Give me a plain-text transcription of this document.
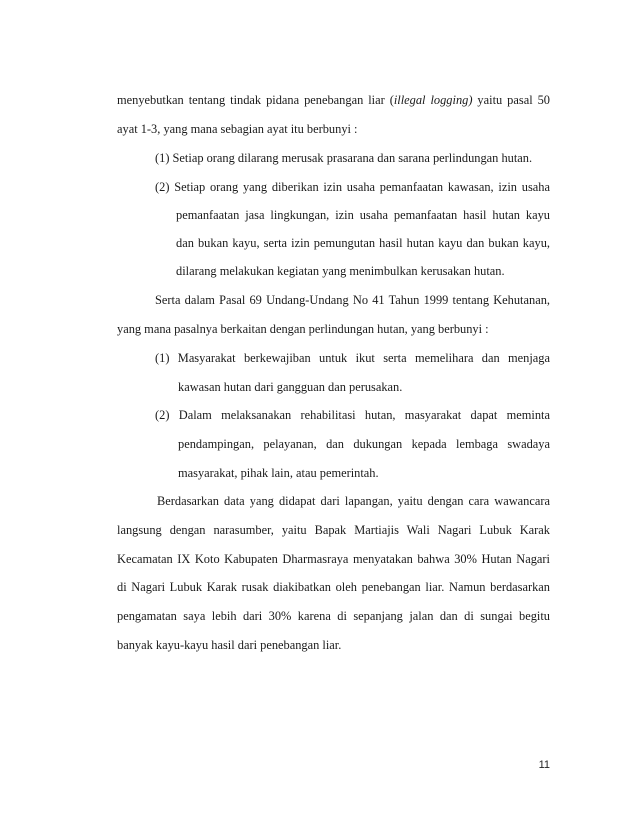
menyebutkan tentang tindak pidana penebangan liar (illegal logging) yaitu pasal 50
ayat 1-3, yang mana sebagian ayat itu berbunyi :
(1) Setiap orang dilarang merusak prasarana dan sarana perlindungan hutan.
(2) Setiap orang yang diberikan izin usaha pemanfaatan kawasan, izin usaha
pemanfaatan jasa lingkungan, izin usaha pemanfaatan hasil hutan kayu
dan bukan kayu, serta izin pemungutan hasil hutan kayu dan bukan kayu,
dilarang melakukan kegiatan yang menimbulkan kerusakan hutan.
Serta dalam Pasal 69 Undang-Undang No 41 Tahun 1999 tentang Kehutanan,
yang mana pasalnya berkaitan dengan perlindungan hutan, yang berbunyi :
(1) Masyarakat berkewajiban untuk ikut serta memelihara dan menjaga
kawasan hutan dari gangguan dan perusakan.
(2) Dalam melaksanakan rehabilitasi hutan, masyarakat dapat meminta
pendampingan, pelayanan, dan dukungan kepada lembaga swadaya
masyarakat, pihak lain, atau pemerintah.
Berdasarkan data yang didapat dari lapangan, yaitu dengan cara wawancara
langsung dengan narasumber, yaitu Bapak Martiajis Wali Nagari Lubuk Karak
Kecamatan IX Koto Kabupaten Dharmasraya menyatakan bahwa 30% Hutan Nagari
di Nagari Lubuk Karak rusak diakibatkan oleh penebangan liar. Namun berdasarkan
pengamatan saya lebih dari 30% karena di sepanjang jalan dan di sungai begitu
banyak kayu-kayu hasil dari penebangan liar.
11
